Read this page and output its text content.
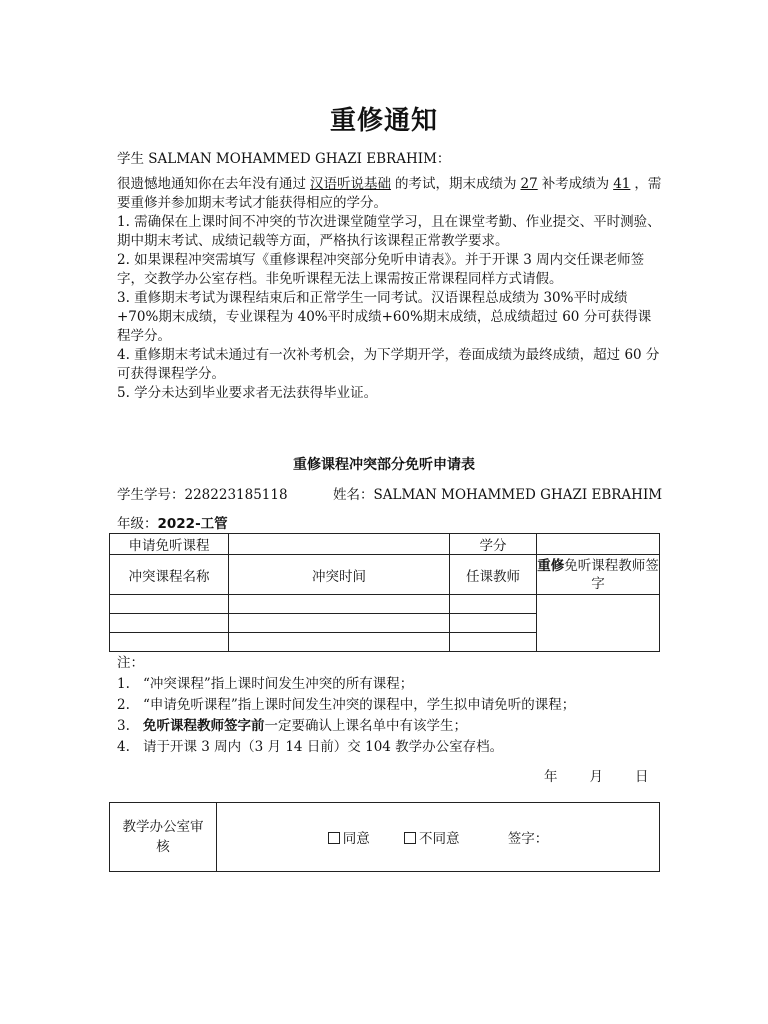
重修通知
学生 SALMAN MOHAMMED GHAZI EBRAHIM：

很遗憾地通知你在去年没有通过 汉语听说基础 的考试，期末成绩为 27 补考成绩为 41 ，需要重修并参加期末考试才能获得相应的学分。

1. 需确保在上课时间不冲突的节次进课堂随堂学习，且在课堂考勤、作业提交、平时测验、期中期末考试、成绩记载等方面，严格执行该课程正常教学要求。

2. 如果课程冲突需填写《重修课程冲突部分免听申请表》。并于开课 3 周内交任课老师签字，交教学办公室存档。非免听课程无法上课需按正常课程同样方式请假。

3. 重修期末考试为课程结束后和正常学生一同考试。汉语课程总成绩为 30%平时成绩+70%期末成绩，专业课程为 40%平时成绩+60%期末成绩，总成绩超过 60 分可获得课程学分。

4. 重修期末考试未通过有一次补考机会，为下学期开学，卷面成绩为最终成绩，超过 60 分可获得课程学分。

5. 学分未达到毕业要求者无法获得毕业证。

重修课程冲突部分免听申请表
学生学号：228223185118	姓名：SALMAN MOHAMMED GHAZI EBRAHIM
年级：2022-工管
申请免听课程		学分	
冲突课程名称	冲突时间	任课教师	重修免听课程教师签字

注：
1. “冲突课程”指上课时间发生冲突的所有课程；
2. “申请免听课程”指上课时间发生冲突的课程中，学生拟申请免听的课程；
3. 免听课程教师签字前一定要确认上课名单中有该学生；
4. 请于开课 3 周内（3 月 14 日前）交 104 教学办公室存档。
年 月 日
教学办公室审核	同意	不同意	签字：
